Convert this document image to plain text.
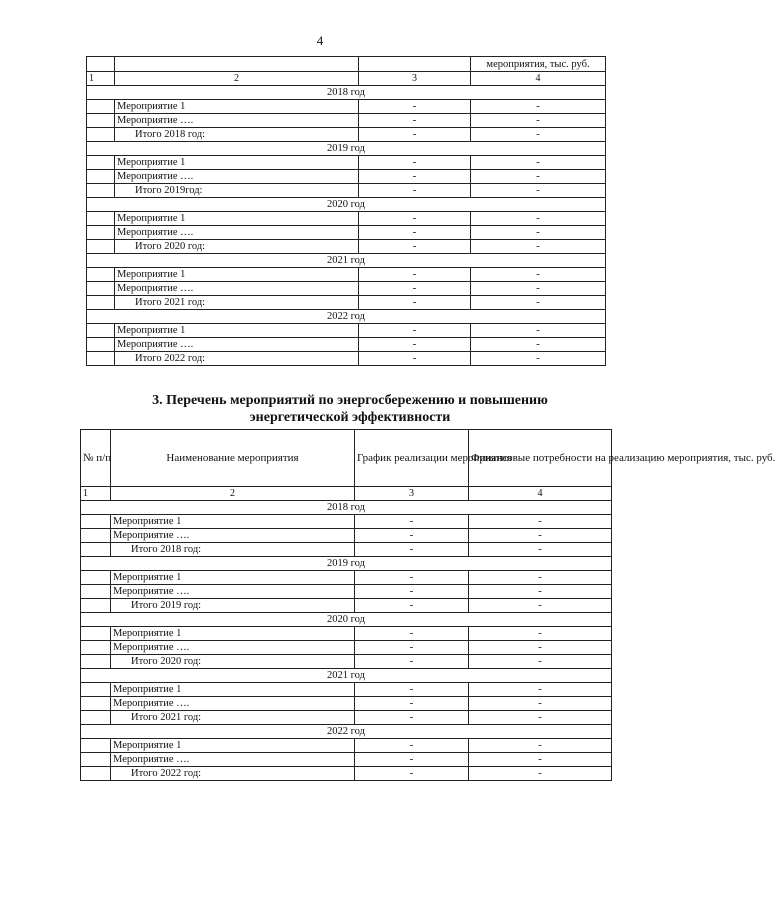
4
			мероприятия, тыс. руб.
1	2	3	4
2018 год			
	Мероприятие 1	-	-
	Мероприятие ….	-	-
	Итого 2018 год:	-	-
2019 год			
	Мероприятие 1	-	-
	Мероприятие ….	-	-
	Итого 2019год:	-	-
2020 год			
	Мероприятие 1	-	-
	Мероприятие ….	-	-
	Итого 2020 год:	-	-
2021 год			
	Мероприятие 1	-	-
	Мероприятие ….	-	-
	Итого 2021 год:	-	-
2022 год			
	Мероприятие 1	-	-
	Мероприятие ….	-	-
	Итого 2022 год:	-	-
3. Перечень мероприятий по энергосбережению и повышению
энергетической эффективности
№ п/п	Наименование мероприятия	График реализации мероприятия	Финансовые потребности на реализацию мероприятия, тыс. руб.
1	2	3	4
2018 год			
	Мероприятие 1	-	-
	Мероприятие ….	-	-
	Итого 2018 год:	-	-
2019 год			
	Мероприятие 1	-	-
	Мероприятие ….	-	-
	Итого 2019 год:	-	-
2020 год			
	Мероприятие 1	-	-
	Мероприятие ….	-	-
	Итого 2020 год:	-	-
2021 год			
	Мероприятие 1	-	-
	Мероприятие ….	-	-
	Итого 2021 год:	-	-
2022 год			
	Мероприятие 1	-	-
	Мероприятие ….	-	-
	Итого 2022 год:	-	-
